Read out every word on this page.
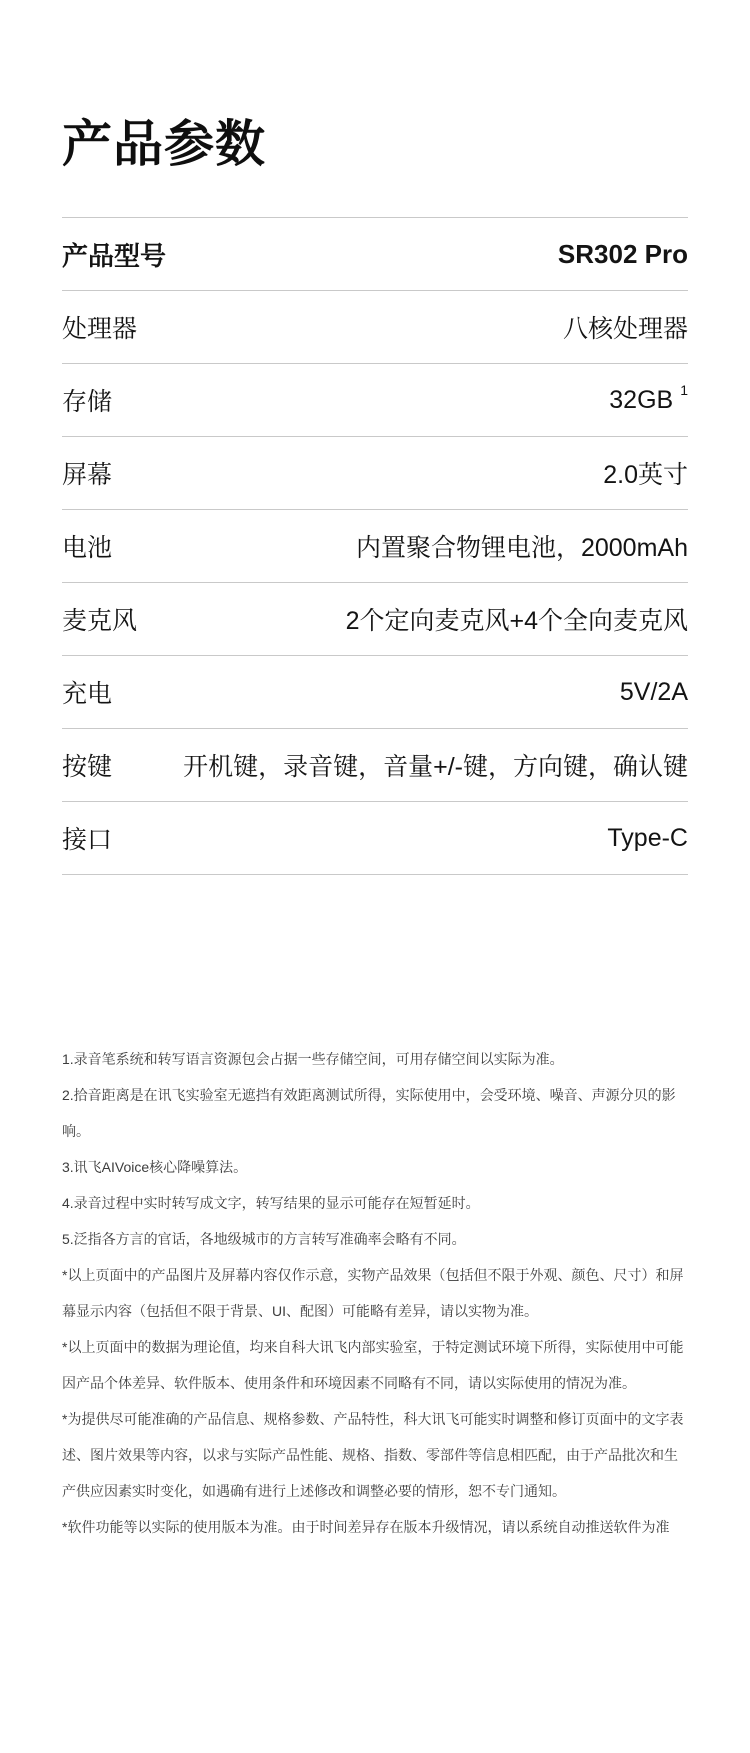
产品参数
产品型号	SR302 Pro
处理器	八核处理器
存储	32GB $^1$
屏幕	2.0英寸
电池	内置聚合物锂电池，2000mAh
麦克风	2个定向麦克风+4个全向麦克风
充电	5V/2A
按键	开机键，录音键，音量+/-键，方向键，确认键
接口	Type-C

1.录音笔系统和转写语言资源包会占据一些存储空间，可用存储空间以实际为准。

2.拾音距离是在讯飞实验室无遮挡有效距离测试所得，实际使用中，会受环境、噪音、声源分贝的影响。

3.讯飞AIVoice核心降噪算法。

4.录音过程中实时转写成文字，转写结果的显示可能存在短暂延时。

5.泛指各方言的官话，各地级城市的方言转写准确率会略有不同。

*以上页面中的产品图片及屏幕内容仅作示意，实物产品效果（包括但不限于外观、颜色、尺寸）和屏幕显示内容（包括但不限于背景、UI、配图）可能略有差异，请以实物为准。

*以上页面中的数据为理论值，均来自科大讯飞内部实验室，于特定测试环境下所得，实际使用中可能因产品个体差异、软件版本、使用条件和环境因素不同略有不同，请以实际使用的情况为准。

*为提供尽可能准确的产品信息、规格参数、产品特性，科大讯飞可能实时调整和修订页面中的文字表述、图片效果等内容，以求与实际产品性能、规格、指数、零部件等信息相匹配，由于产品批次和生产供应因素实时变化，如遇确有进行上述修改和调整必要的情形，恕不专门通知。

*软件功能等以实际的使用版本为准。由于时间差异存在版本升级情况，请以系统自动推送软件为准
